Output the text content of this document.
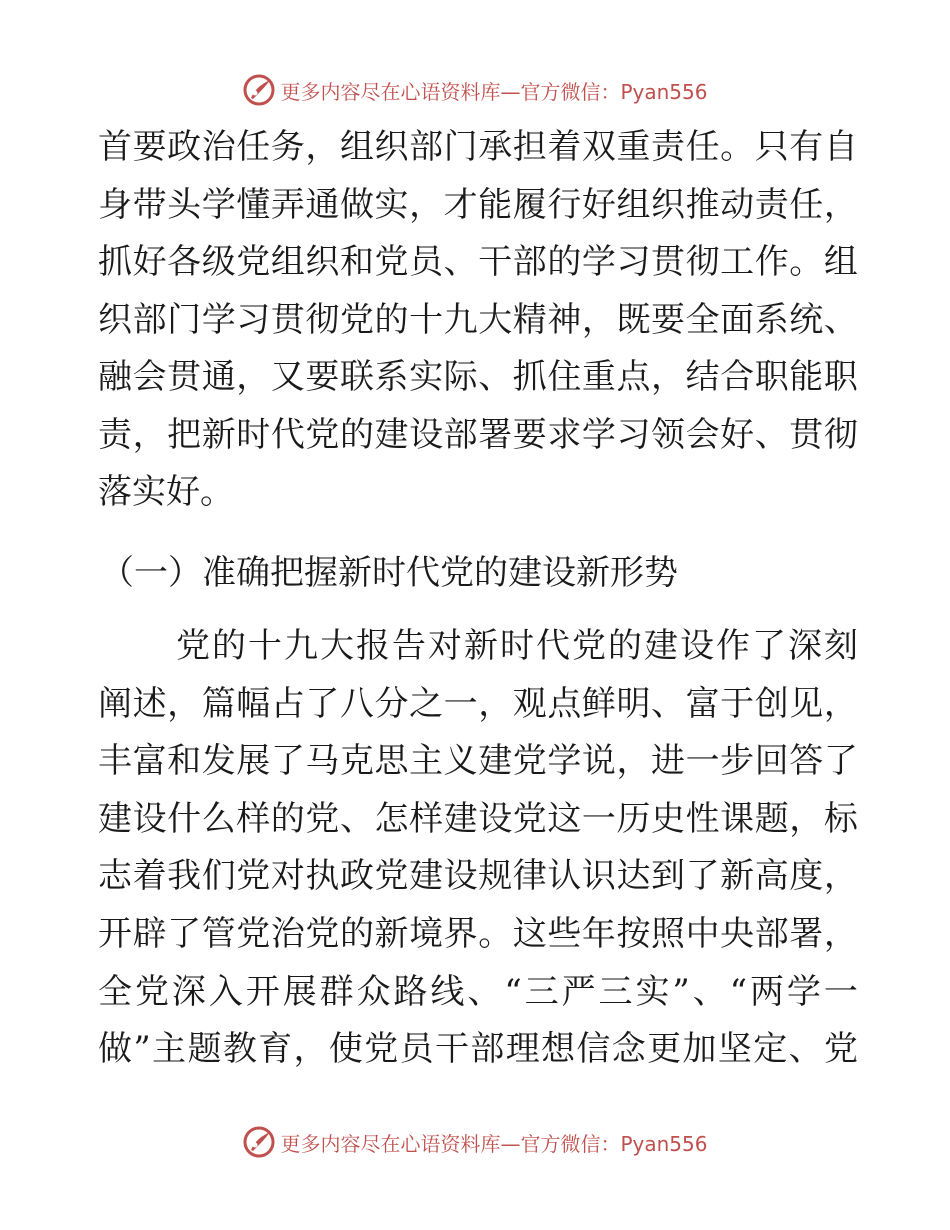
更多内容尽在心语资料库—官方微信：Pyan556
首 要 政 治 任 务 ， 组 织 部 门 承 担 着 双 重 责 任 。 只 有 自
身 带 头 学 懂 弄 通 做 实 ， 才 能 履 行 好 组 织 推 动 责 任 ，
抓 好 各 级 党 组 织 和 党 员 、 干 部 的 学 习 贯 彻 工 作 。 组
织 部 门 学 习 贯 彻 党 的 十 九 大 精 神 ， 既 要 全 面 系 统 、
融 会 贯 通 ， 又 要 联 系 实 际 、 抓 住 重 点 ， 结 合 职 能 职
责 ， 把 新 时 代 党 的 建 设 部 署 要 求 学 习 领 会 好 、 贯 彻
落实好。
（一）准确把握新时代党的建设新形势
党 的 十 九 大 报 告 对 新 时 代 党 的 建 设 作 了 深 刻
阐 述 ， 篇 幅 占 了 八 分 之 一 ， 观 点 鲜 明 、 富 于 创 见 ，
丰 富 和 发 展 了 马 克 思 主 义 建 党 学 说 ， 进 一 步 回 答 了
建 设 什 么 样 的 党 、 怎 样 建 设 党 这 一 历 史 性 课 题 ， 标
志 着 我 们 党 对 执 政 党 建 设 规 律 认 识 达 到 了 新 高 度 ，
开 辟 了 管 党 治 党 的 新 境 界 。 这 些 年 按 照 中 央 部 署 ，
全 党 深 入 开 展 群 众 路 线 、 “ 三 严 三 实 ” 、 “ 两 学 一
做 ” 主 题 教 育 ， 使 党 员 干 部 理 想 信 念 更 加 坚 定 、 党
更多内容尽在心语资料库—官方微信：Pyan556
